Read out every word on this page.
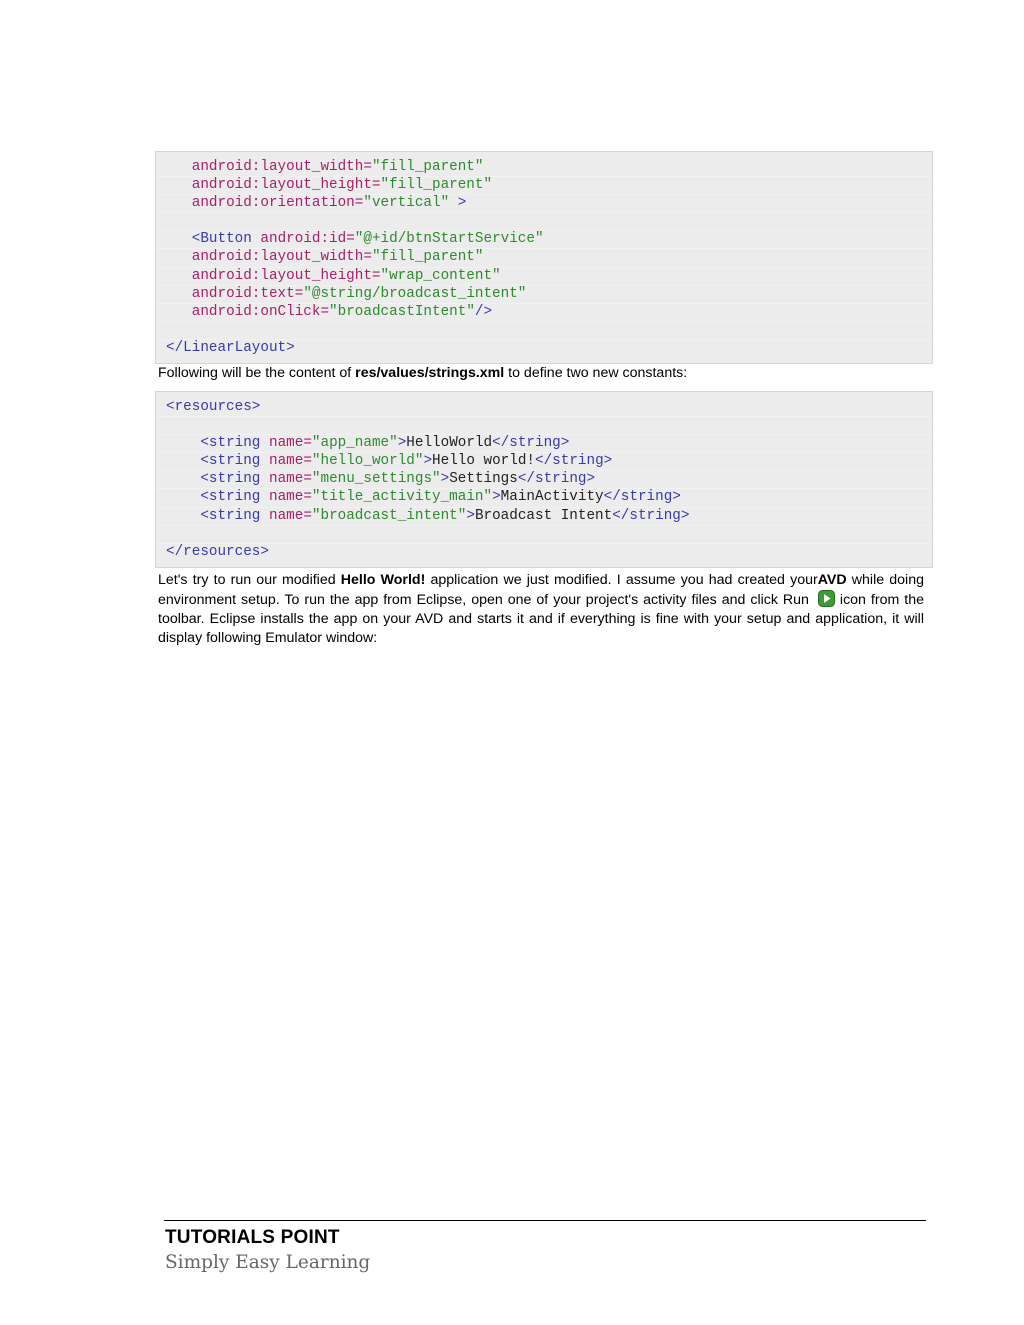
android:layout_width="fill_parent"
android:layout_height="fill_parent"
android:orientation="vertical" >

<Button android:id="@+id/btnStartService"
android:layout_width="fill_parent"
android:layout_height="wrap_content"
android:text="@string/broadcast_intent"
android:onClick="broadcastIntent"/>

</LinearLayout>
Following will be the content of res/values/strings.xml to define two new constants:
<resources>

<string name="app_name">HelloWorld</string>
<string name="hello_world">Hello world!</string>
<string name="menu_settings">Settings</string>
<string name="title_activity_main">MainActivity</string>
<string name="broadcast_intent">Broadcast Intent</string>

</resources>
Let's try to run our modified Hello World! application we just modified. I assume you had created yourAVD while doing environment setup. To run the app from Eclipse, open one of your project's activity files and click Run  icon from the toolbar. Eclipse installs the app on your AVD and starts it and if everything is fine with your setup and application, it will display following Emulator window:
TUTORIALS POINT
Simply Easy Learning
